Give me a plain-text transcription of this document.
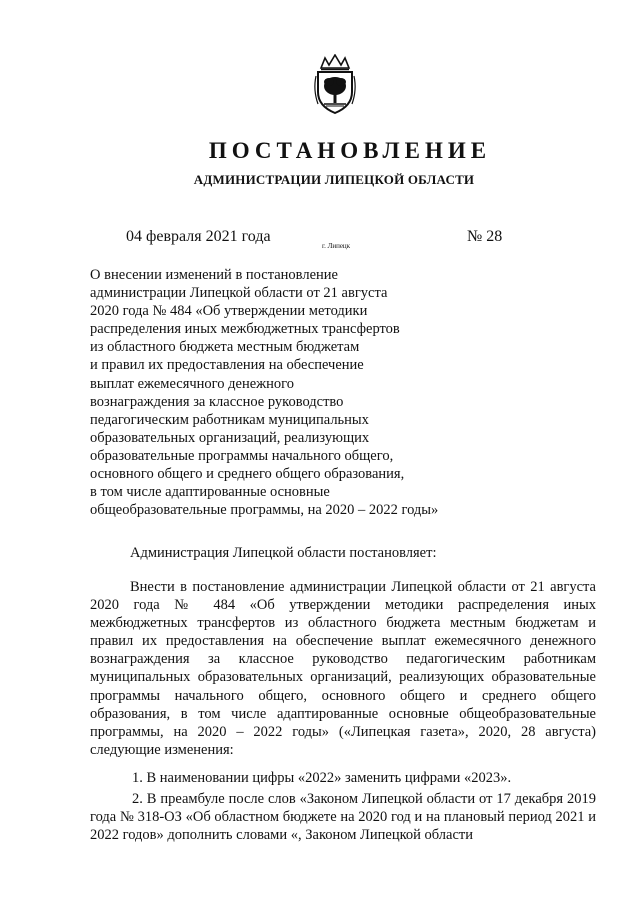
ПОСТАНОВЛЕНИЕ
АДМИНИСТРАЦИИ ЛИПЕЦКОЙ ОБЛАСТИ
04 февраля 2021 года
г. Липецк
№ 28
О внесении изменений в постановление
администрации Липецкой области от 21 августа
2020 года № 484 «Об утверждении методики
распределения иных межбюджетных трансфертов
из областного бюджета местным бюджетам
и правил их предоставления на обеспечение
выплат ежемесячного денежного
вознаграждения за классное руководство
педагогическим работникам муниципальных
образовательных организаций, реализующих
образовательные программы начального общего,
основного общего и среднего общего образования,
в том числе адаптированные основные
общеобразовательные программы, на 2020 – 2022 годы»
Администрация Липецкой области постановляет:

Внести в постановление администрации Липецкой области от 21 августа 2020 года № 484 «Об утверждении методики распределения иных межбюджетных трансфертов из областного бюджета местным бюджетам и правил их предоставления на обеспечение выплат ежемесячного денежного вознаграждения за классное руководство педагогическим работникам муниципальных образовательных организаций, реализующих образовательные программы начального общего, основного общего и среднего общего образования, в том числе адаптированные основные общеобразовательные программы, на 2020 – 2022 годы» («Липецкая газета», 2020, 28 августа) следующие изменения:

1. В наименовании цифры «2022» заменить цифрами «2023».

2. В преамбуле после слов «Законом Липецкой области от 17 декабря 2019 года № 318-ОЗ «Об областном бюджете на 2020 год и на плановый период 2021 и 2022 годов» дополнить словами «, Законом Липецкой области
